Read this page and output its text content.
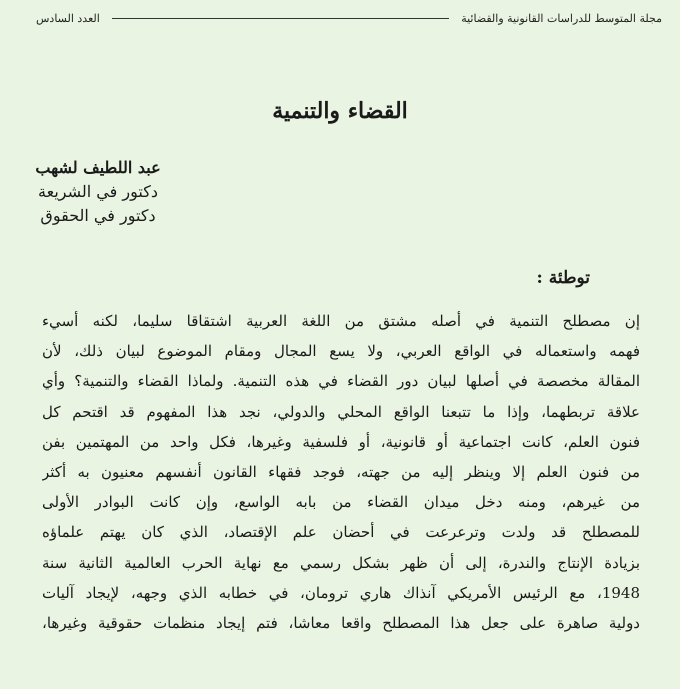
مجلة المتوسط للدراسات القانونية والقضائية
العدد السادس
القضاء والتنمية
عبد اللطيف لشهب
دكتور في الشريعة
دكتور في الحقوق
توطئة :
إن مصطلح التنمية في أصله مشتق من اللغة العربية اشتقاقا سليما، لكنه أسيء
فهمه واستعماله في الواقع العربي، ولا يسع المجال ومقام الموضوع لبيان ذلك، لأن
المقالة مخصصة في أصلها لبيان دور القضاء في هذه التنمية. ولماذا القضاء والتنمية؟ وأي
علاقة تربطهما، وإذا ما تتبعنا الواقع المحلي والدولي، نجد هذا المفهوم قد اقتحم كل
فنون العلم، كانت اجتماعية أو قانونية، أو فلسفية وغيرها، فكل واحد من المهتمين بفن
من فنون العلم إلا وينظر إليه من جهته، فوجد فقهاء القانون أنفسهم معنيون به أكثر
من غيرهم، ومنه دخل ميدان القضاء من بابه الواسع، وإن كانت البوادر الأولى
للمصطلح قد ولدت وترعرعت في أحضان علم الإقتصاد، الذي كان يهتم علماؤه
بزيادة الإنتاج والندرة، إلى أن ظهر بشكل رسمي مع نهاية الحرب العالمية الثانية سنة
1948، مع الرئيس الأمريكي آنذاك هاري ترومان، في خطابه الذي وجهه، لإيجاد آليات
دولية صاهرة على جعل هذا المصطلح واقعا معاشا، فتم إيجاد منظمات حقوقية وغيرها،
